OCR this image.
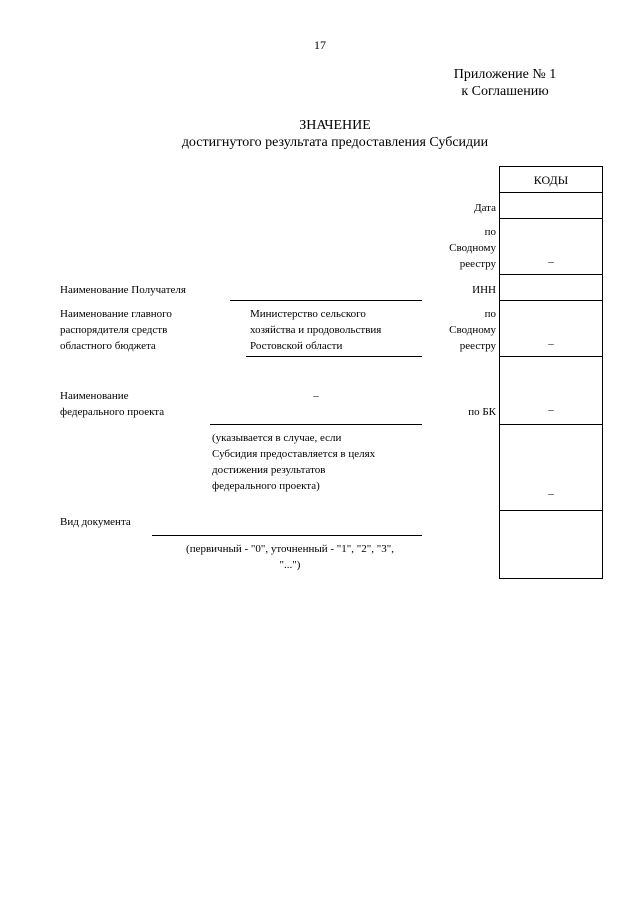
17
Приложение № 1
к Соглашению
ЗНАЧЕНИЕ
достигнутого результата предоставления Субсидии
КОДЫ
–
–
–
–
Дата
по
Сводному
реестру
ИНН
по
Сводному
реестру
по БК
Наименование Получателя
Наименование главного
распорядителя средств
областного бюджета
Министерство сельского
хозяйства и продовольствия
Ростовской области
Наименование
федерального проекта
–
(указывается в случае, если
Субсидия предоставляется в целях
достижения результатов
федерального проекта)
Вид документа
(первичный - "0", уточненный - "1", "2", "3",
"...")
